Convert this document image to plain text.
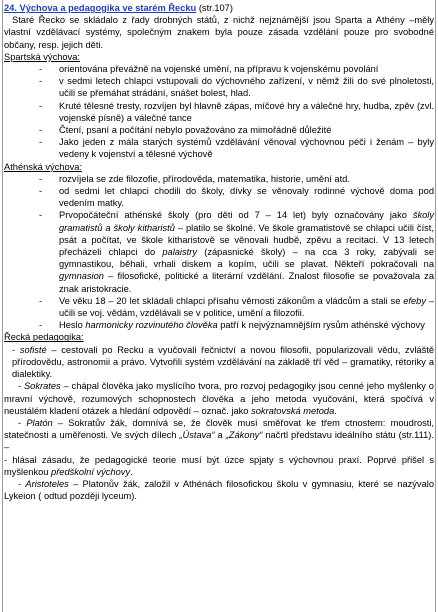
24. Výchova a pedagogika ve starém Řecku (str.107)

Staré Řecko se skládalo z řady drobných států, z nichž nejznámější jsou Sparta a Athény –měly vlastní vzdělávací systémy, společným znakem byla pouze zásada vzdělání pouze pro svobodné občany, resp. jejich děti.

Spartská výchova:

- orientována převážně na vojenské umění, na přípravu k vojenskému povolání
- v sedmi letech chlapci vstupovali do výchovného zařízení, v němž žili do své plnoletosti, učili se přemáhat strádání, snášet bolest, hlad.
- Kruté tělesné tresty, rozvíjen byl hlavně zápas, míčové hry a válečné hry, hudba, zpěv (zvl. vojenské písně) a válečné tance
- Čtení, psaní a počítání nebylo považováno za mimořádně důležité
- Jako jeden z mála starých systémů vzdělávání věnoval výchovnou péči i ženám – byly vedeny k vojenství a tělesné výchově

Athénská výchova:

- rozvíjela se zde filozofie, přírodověda, matematika, historie, umění atd.
- od sedmi let chlapci chodili do školy, dívky se věnovaly rodinné výchově doma pod vedením matky.
- Prvopočáteční athénské školy (pro děti od 7 – 14 let) byly označovány jako školy gramatistů a školy kitharistů – platilo se školné. Ve škole gramatistově se chlapci učili číst, psát a počítat, ve škole kitharistově se věnovali hudbě, zpěvu a recitaci. V 13 letech přecházeli chlapci do palaistry (zápasnické školy) – na cca 3 roky, zabývali se gymnastikou, běhali, vrhali diskem a kopím, učili se plavat. Někteří pokračovali na gymnasion – filosofické, politické a literární vzdělání. Znalost filosofie se považovala za znak aristokracie.
- Ve věku 18 – 20 let skládali chlapci přísahu věrnosti zákonům a vládcům a stali se efeby – učili se voj. vědám, vzdělávali se v politice, umění a filozofii.
- Heslo harmonicky rozvinutého člověka patří k nejvýznamnějším rysům athénské výchovy

Řecká pedagogika:

- sofisté – cestovali po Recku a vyučovali řečnictví a novou filosofii, popularizovali vědu, zvláště přírodovědu, astronomii a právo. Vytvořili systém vzdělávání na základě tří věd – gramatiky, rétoriky a dialektiky.

- Sokrates – chápal člověka jako myslícího tvora, pro rozvoj pedagogiky jsou cenné jeho myšlenky o mravní výchově, rozumových schopnostech člověka a jeho metoda vyučování, která spočívá v neustálém kladení otázek a hledání odpovědí – označ. jako sokratovská metoda.

- Platón – Sokratův žák, domnívá se, že člověk musí směřovat ke třem ctnostem: moudrosti, statečnosti a uměřenosti. Ve svých dílech „Ústava“ a „Zákony“ načrtl představu ideálního státu (str.111). –

- hlásal zásadu, že pedagogické teorie musí být úzce spjaty s výchovnou praxí. Poprvé přišel s myšlenkou předškolní výchovy.

- Aristoteles – Platonův žák, založil v Athénách filosofickou školu v gymnasiu, které se nazývalo Lykeion ( odtud později lyceum).
